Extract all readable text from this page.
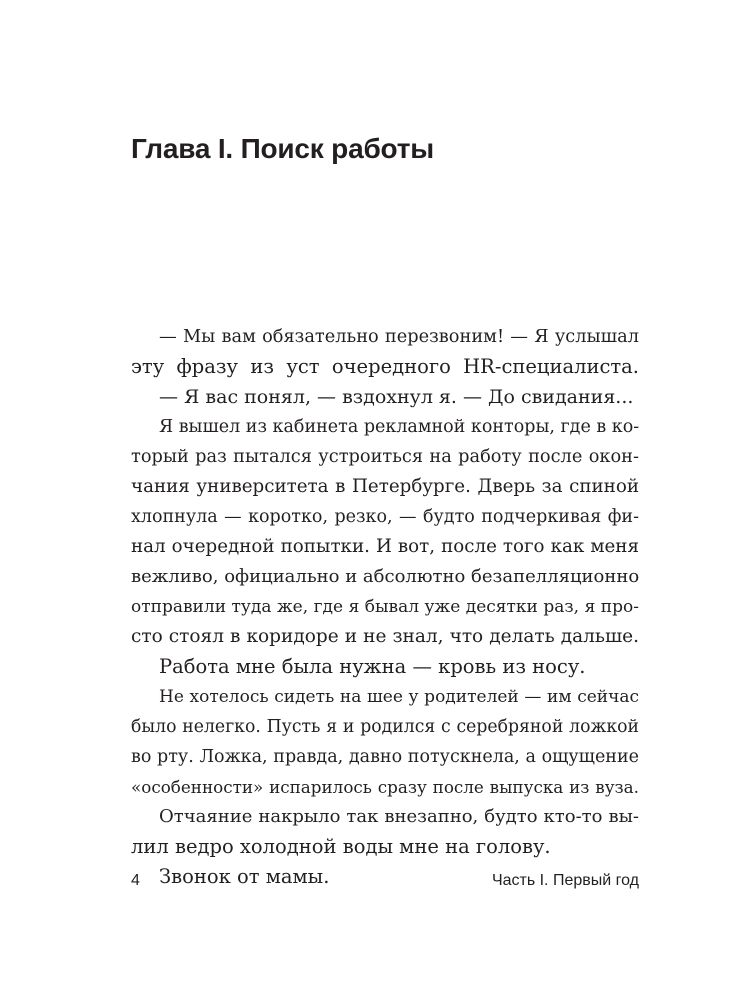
Глава I. Поиск работы
— Мы вам обязательно перезвоним! — Я услышал
эту фразу из уст очередного HR-специалиста.
— Я вас понял, — вздохнул я. — До свидания...
Я вышел из кабинета рекламной конторы, где в ко-
торый раз пытался устроиться на работу после окон-
чания университета в Петербурге. Дверь за спиной
хлопнула — коротко, резко, — будто подчеркивая фи-
нал очередной попытки. И вот, после того как меня
вежливо, официально и абсолютно безапелляционно
отправили туда же, где я бывал уже десятки раз, я про-
сто стоял в коридоре и не знал, что делать дальше.
Работа мне была нужна — кровь из носу.
Не хотелось сидеть на шее у родителей — им сейчас
было нелегко. Пусть я и родился с серебряной ложкой
во рту. Ложка, правда, давно потускнела, а ощущение
«особенности» испарилось сразу после выпуска из вуза.
Отчаяние накрыло так внезапно, будто кто-то вы-
лил ведро холодной воды мне на голову.
Звонок от мамы.
4	Часть I. Первый год
